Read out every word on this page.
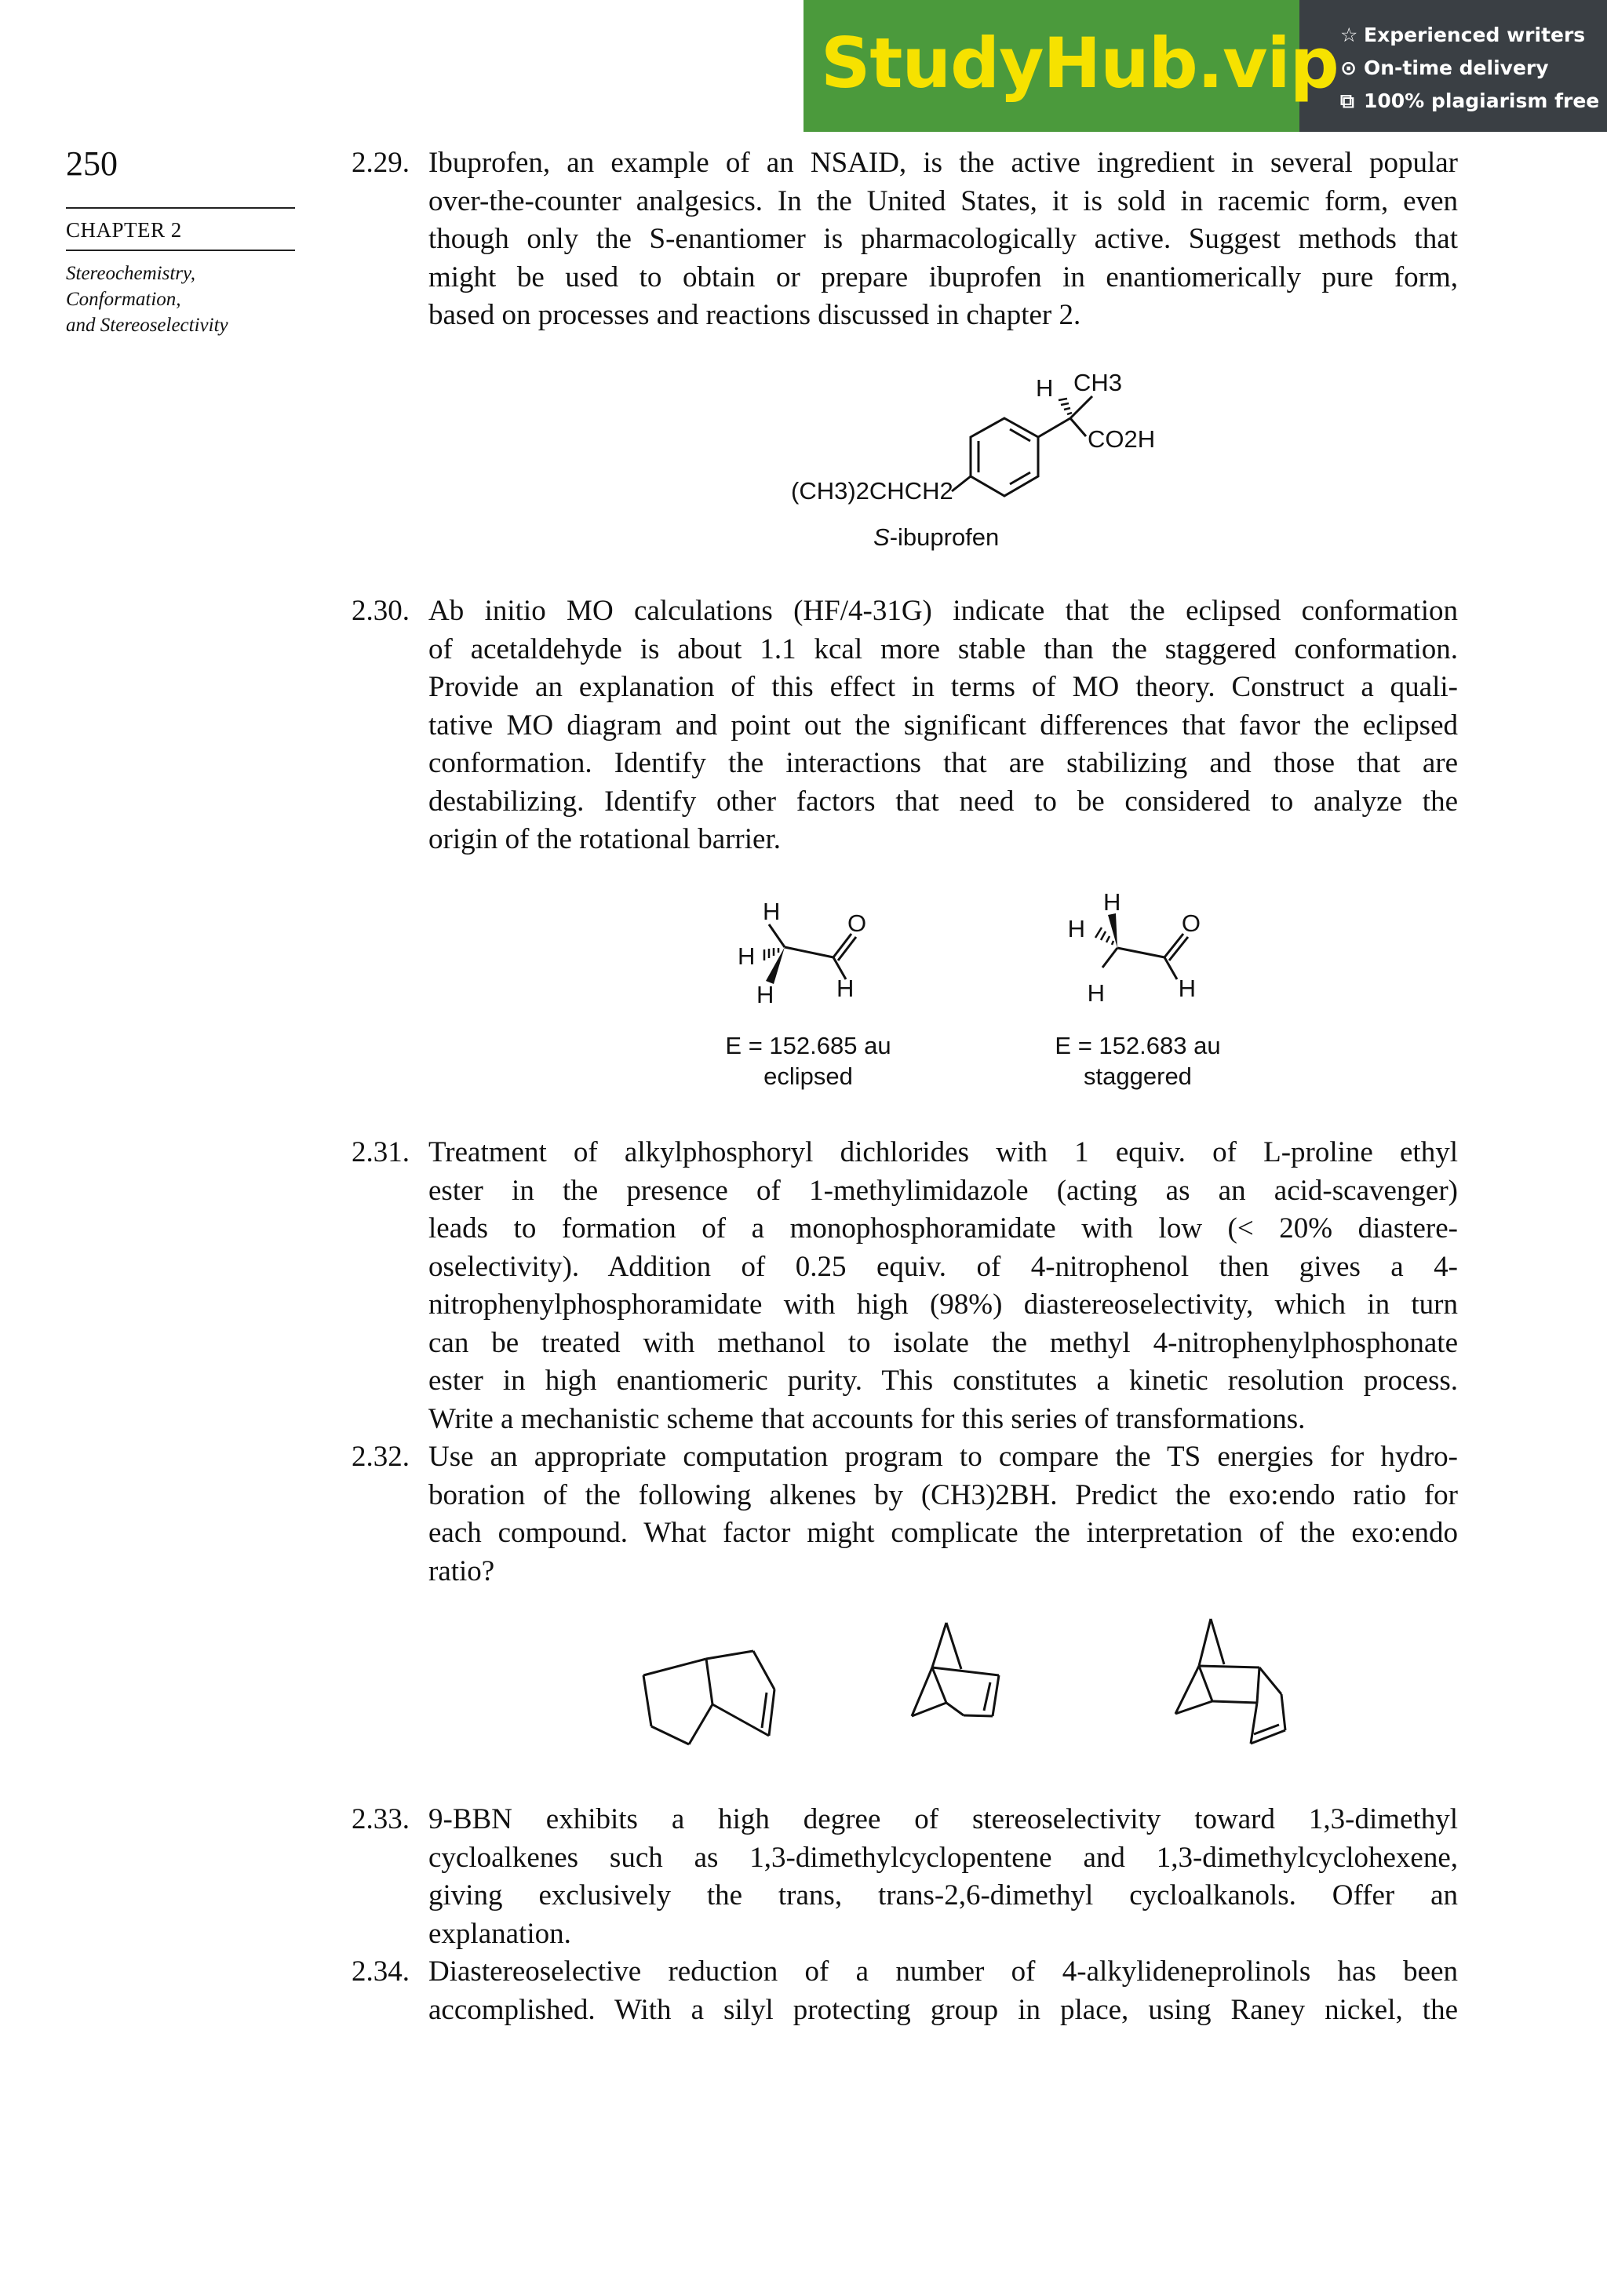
StudyHub.vip ☆ Experienced writers
⊙ On-time delivery
⧉ 100% plagiarism free
250
CHAPTER 2
Stereochemistry,
Conformation,
and Stereoselectivity
2.29. Ibuprofen, an example of an NSAID, is the active ingredient in several popular
over-the-counter analgesics. In the United States, it is sold in racemic form, even
though only the S-enantiomer is pharmacologically active. Suggest methods that
might be used to obtain or prepare ibuprofen in enantiomerically pure form,
based on processes and reactions discussed in chapter 2.
H CH3
CO2H
(CH3)2CHCH2
S-ibuprofen
2.30. Ab initio MO calculations (HF/4-31G) indicate that the eclipsed conformation
of acetaldehyde is about 1.1 kcal more stable than the staggered conformation.
Provide an explanation of this effect in terms of MO theory. Construct a quali-
tative MO diagram and point out the significant differences that favor the eclipsed
conformation. Identify the interactions that are stabilizing and those that are
destabilizing. Identify other factors that need to be considered to analyze the
origin of the rotational barrier.
H
H
H
O
H
E = 152.685 au
eclipsed
H
H
H
O
H
E = 152.683 au
staggered
2.31. Treatment of alkylphosphoryl dichlorides with 1 equiv. of L-proline ethyl
ester in the presence of 1-methylimidazole (acting as an acid-scavenger)
leads to formation of a monophosphoramidate with low (< 20% diastere-
oselectivity). Addition of 0.25 equiv. of 4-nitrophenol then gives a 4-
nitrophenylphosphoramidate with high (98%) diastereoselectivity, which in turn
can be treated with methanol to isolate the methyl 4-nitrophenylphosphonate
ester in high enantiomeric purity. This constitutes a kinetic resolution process.
Write a mechanistic scheme that accounts for this series of transformations.
2.32. Use an appropriate computation program to compare the TS energies for hydro-
boration of the following alkenes by (CH3)2BH. Predict the exo:endo ratio for
each compound. What factor might complicate the interpretation of the exo:endo
ratio?
2.33. 9-BBN exhibits a high degree of stereoselectivity toward 1,3-dimethyl
cycloalkenes such as 1,3-dimethylcyclopentene and 1,3-dimethylcyclohexene,
giving exclusively the trans, trans-2,6-dimethyl cycloalkanols. Offer an
explanation.
2.34. Diastereoselective reduction of a number of 4-alkylideneprolinols has been
accomplished. With a silyl protecting group in place, using Raney nickel, the
